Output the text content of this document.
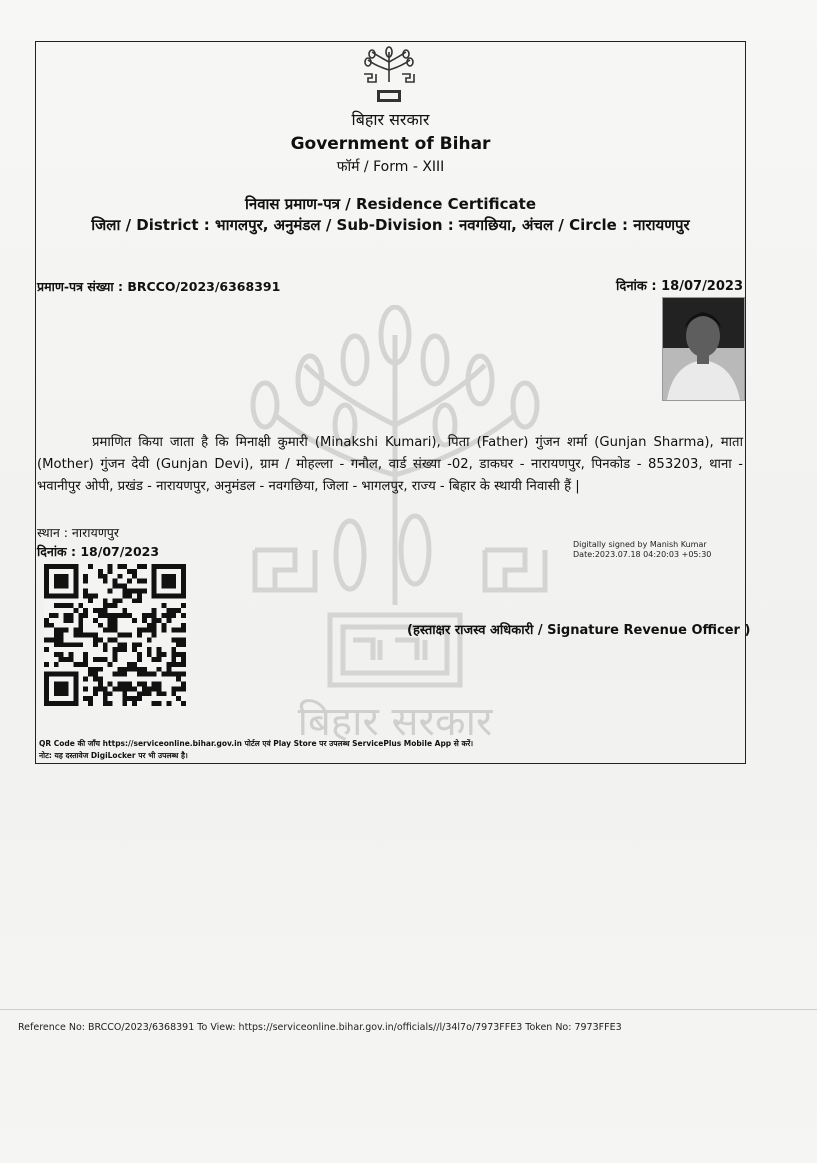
बिहार सरकार
बिहार सरकार
Government of Bihar
फॉर्म / Form - XIII
निवास प्रमाण-पत्र / Residence Certificate
जिला / District : भागलपुर, अनुमंडल / Sub-Division : नवगछिया, अंचल / Circle : नारायणपुर
प्रमाण-पत्र संख्या : BRCCO/2023/6368391	दिनांक : 18/07/2023
प्रमाणित किया जाता है कि मिनाक्षी कुमारी (Minakshi Kumari), पिता (Father) गुंजन शर्मा (Gunjan Sharma), माता (Mother) गुंजन देवी (Gunjan Devi), ग्राम / मोहल्ला - गनौल, वार्ड संख्या -02, डाकघर - नारायणपुर, पिनकोड - 853203, थाना - भवानीपुर ओपी, प्रखंड - नारायणपुर, अनुमंडल - नवगछिया, जिला - भागलपुर, राज्य - बिहार के स्थायी निवासी हैं |
स्थान : नारायणपुर
दिनांक : 18/07/2023	Digitally signed by Manish Kumar
Date:2023.07.18 04:20:03 +05:30
(हस्ताक्षर राजस्व अधिकारी / Signature Revenue Officer )
QR Code की जाँच https://serviceonline.bihar.gov.in पोर्टल एवं Play Store पर उपलब्ध ServicePlus Mobile App से करें।
नोट: यह दस्तावेज DigiLocker पर भी उपलब्ध है।
Reference No: BRCCO/2023/6368391 To View: https://serviceonline.bihar.gov.in/officials//l/34l7o/7973FFE3 Token No: 7973FFE3
